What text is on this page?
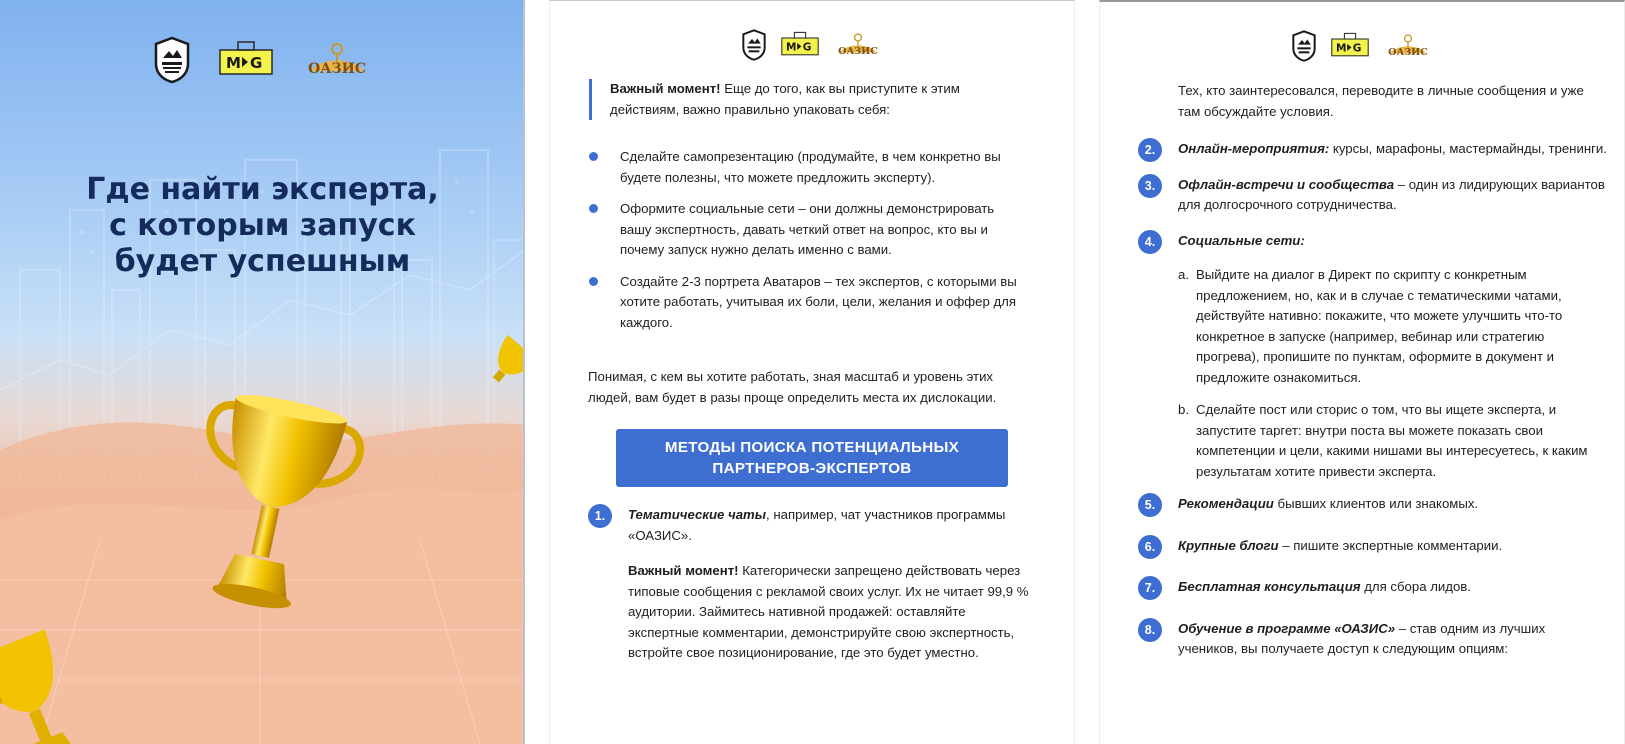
M G	ОАЗИС
Где найти эксперта,
с которым запуск
будет успешным
M G ОАЗИС
Важный момент! Еще до того, как вы приступите к этим действиям, важно правильно упаковать себя:
Сделайте самопрезентацию (продумайте, в чем конкретно вы будете полезны, что можете предложить эксперту).
Оформите социальные сети – они должны демонстрировать вашу экспертность, давать четкий ответ на вопрос, кто вы и почему запуск нужно делать именно с вами.
Создайте 2-3 портрета Аватаров – тех экспертов, с которыми вы хотите работать, учитывая их боли, цели, желания и оффер для каждого.

Понимая, с кем вы хотите работать, зная масштаб и уровень этих людей, вам будет в разы проще определить места их дислокации.

МЕТОДЫ ПОИСКА ПОТЕНЦИАЛЬНЫХ
ПАРТНЕРОВ-ЭКСПЕРТОВ
1.	Тематические чаты, например, чат участников программы «ОАЗИС».
Важный момент! Категорически запрещено действовать через типовые сообщения с рекламой своих услуг. Их не читает 99,9 % аудитории. Займитесь нативной продажей: оставляйте экспертные комментарии, демонстрируйте свою экспертность, встройте свое позиционирование, где это будет уместно.
M G ОАЗИС

Тех, кто заинтересовался, переводите в личные сообщения и уже там обсуждайте условия.

2.	Онлайн-мероприятия: курсы, марафоны, мастермайнды, тренинги.
3.	Офлайн-встречи и сообщества – один из лидирующих вариантов для долгосрочного сотрудничества.
4.	Социальные сети:
a. Выйдите на диалог в Директ по скрипту с конкретным предложением, но, как и в случае с тематическими чатами, действуйте нативно: покажите, что можете улучшить что-то конкретное в запуске (например, вебинар или стратегию прогрева), пропишите по пунктам, оформите в документ и предложите ознакомиться.
b. Сделайте пост или сторис о том, что вы ищете эксперта, и запустите таргет: внутри поста вы можете показать свои компетенции и цели, какими нишами вы интересуетесь, к каким результатам хотите привести эксперта.
5.	Рекомендации бывших клиентов или знакомых.
6.	Крупные блоги – пишите экспертные комментарии.
7.	Бесплатная консультация для сбора лидов.
8.	Обучение в программе «ОАЗИС» – став одним из лучших учеников, вы получаете доступ к следующим опциям:
